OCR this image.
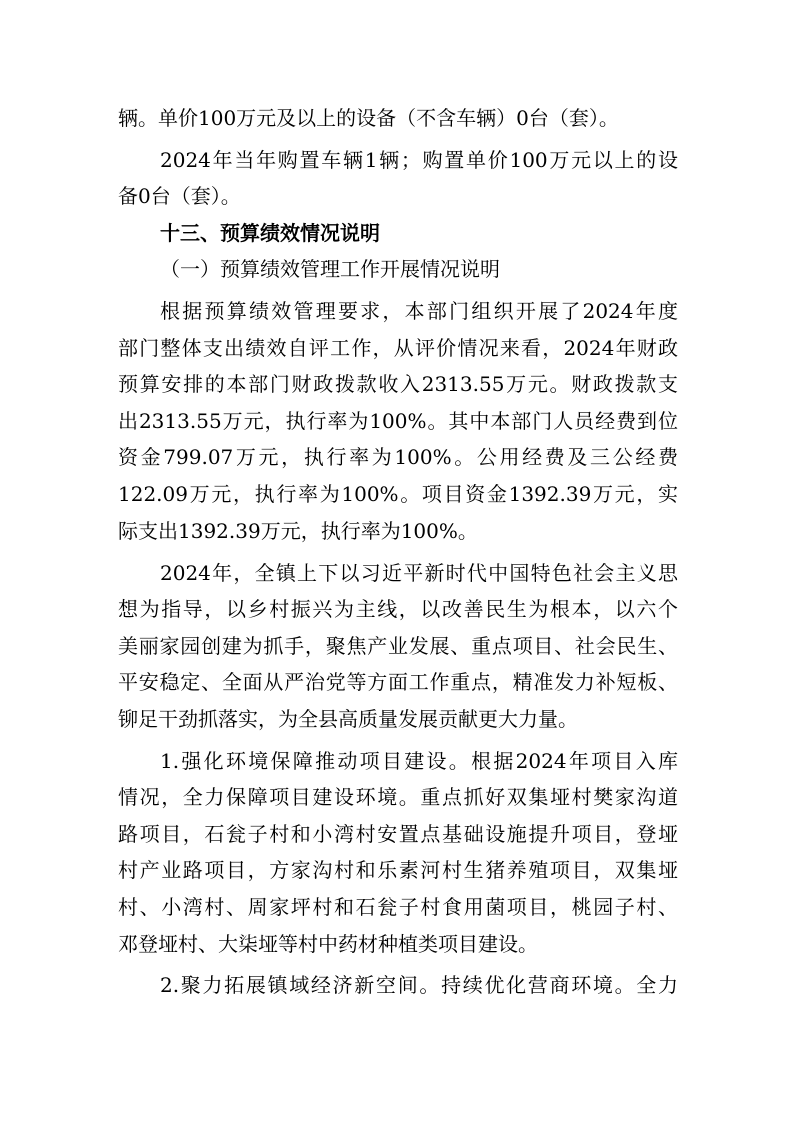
辆。单价100万元及以上的设备（不含车辆）0台（套）。
2024年当年购置车辆1辆；购置单价100万元以上的设
备0台（套）。
十三、预算绩效情况说明
（一）预算绩效管理工作开展情况说明
根据预算绩效管理要求，本部门组织开展了2024年度
部门整体支出绩效自评工作，从评价情况来看，2024年财政
预算安排的本部门财政拨款收入2313.55万元。财政拨款支
出2313.55万元，执行率为100%。其中本部门人员经费到位
资金799.07万元，执行率为100%。公用经费及三公经费
122.09万元，执行率为100%。项目资金1392.39万元，实
际支出1392.39万元，执行率为100%。
2024年，全镇上下以习近平新时代中国特色社会主义思
想为指导，以乡村振兴为主线，以改善民生为根本，以六个
美丽家园创建为抓手，聚焦产业发展、重点项目、社会民生、
平安稳定、全面从严治党等方面工作重点，精准发力补短板、
铆足干劲抓落实，为全县高质量发展贡献更大力量。
1.强化环境保障推动项目建设。根据2024年项目入库
情况，全力保障项目建设环境。重点抓好双集垭村樊家沟道
路项目，石瓮子村和小湾村安置点基础设施提升项目，登垭
村产业路项目，方家沟村和乐素河村生猪养殖项目，双集垭
村、小湾村、周家坪村和石瓮子村食用菌项目，桃园子村、
邓登垭村、大柒垭等村中药材种植类项目建设。
2.聚力拓展镇域经济新空间。持续优化营商环境。全力
